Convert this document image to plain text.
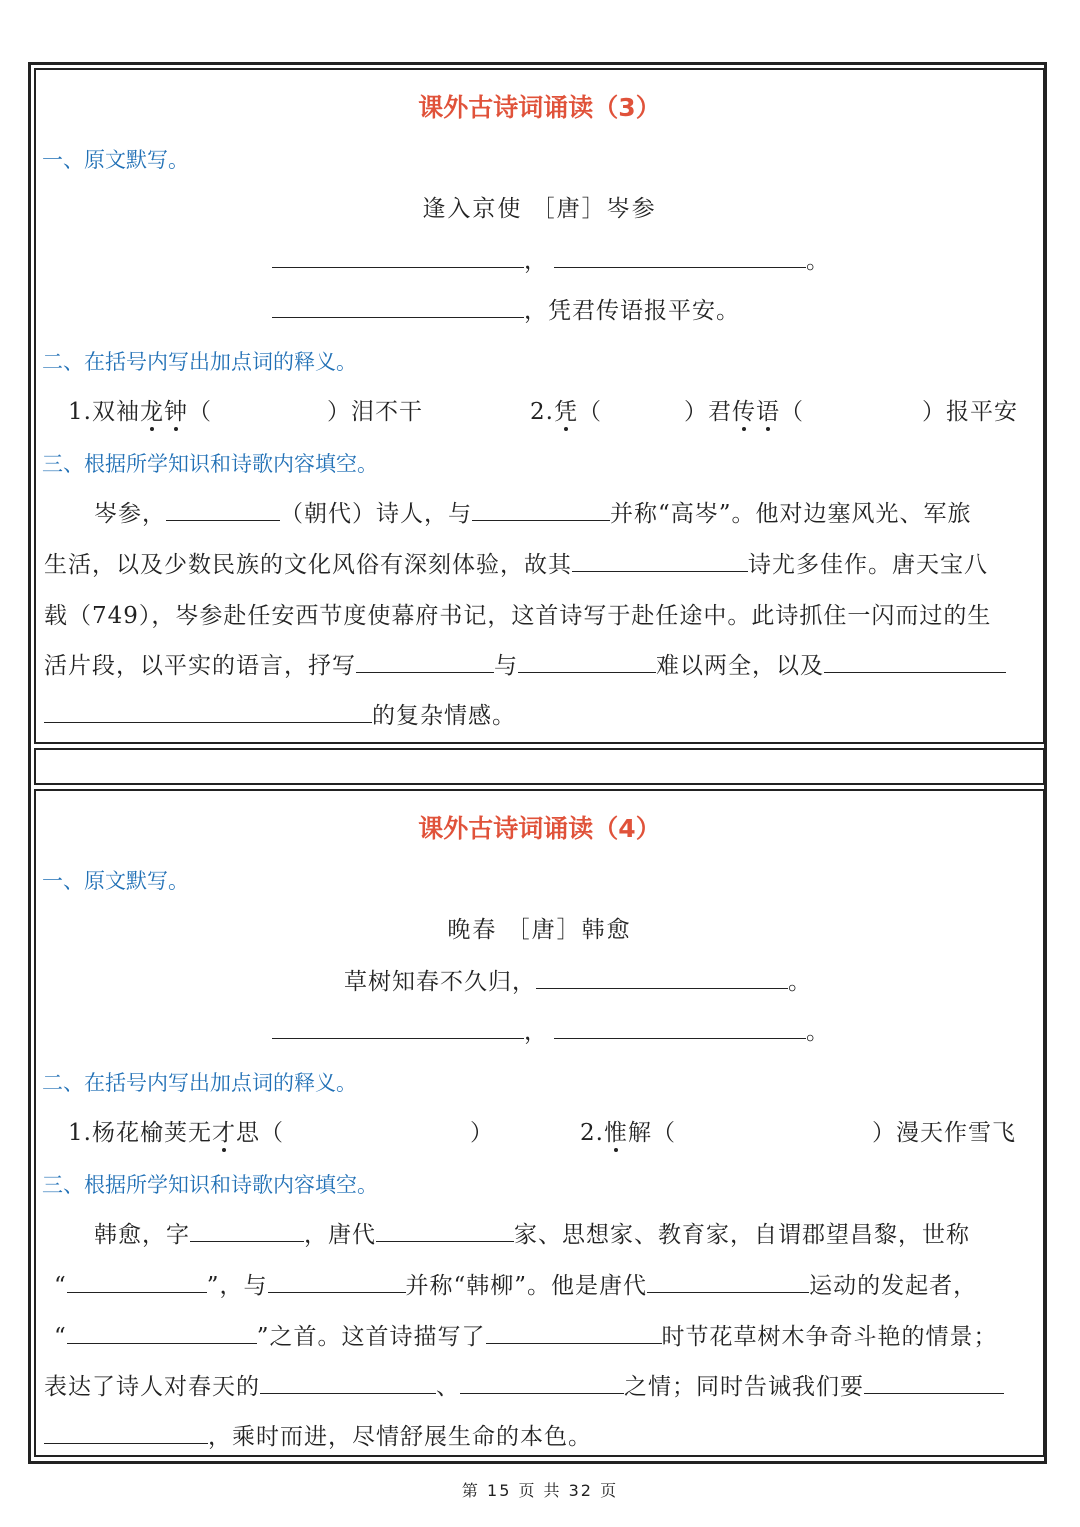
课外古诗词诵读（3）
一、原文默写。
逢入京使 ［唐］岑参
，	。
，凭君传语报平安。
二、在括号内写出加点词的释义。
1.双袖龙钟（	）泪不干	2.凭（	）君传语（	）报平安
三、根据所学知识和诗歌内容填空。
岑参，	（朝代）诗人，与	并称“高岑”。他对边塞风光、军旅
生活，以及少数民族的文化风俗有深刻体验，故其	诗尤多佳作。唐天宝八
载（749），岑参赴任安西节度使幕府书记，这首诗写于赴任途中。此诗抓住一闪而过的生
活片段，以平实的语言，抒写	与	难以两全，以及
的复杂情感。
课外古诗词诵读（4）
一、原文默写。
晚春 ［唐］韩愈
草树知春不久归，	。
，	。
二、在括号内写出加点词的释义。
1.杨花榆荚无才思（	）	2.惟解（	）漫天作雪飞
三、根据所学知识和诗歌内容填空。
韩愈，字	，唐代	家、思想家、教育家，自谓郡望昌黎，世称
“	”，与	并称“韩柳”。他是唐代	运动的发起者，
“	”之首。这首诗描写了	时节花草树木争奇斗艳的情景；
表达了诗人对春天的	、	之情；同时告诫我们要
，乘时而进，尽情舒展生命的本色。
第 15 页 共 32 页
